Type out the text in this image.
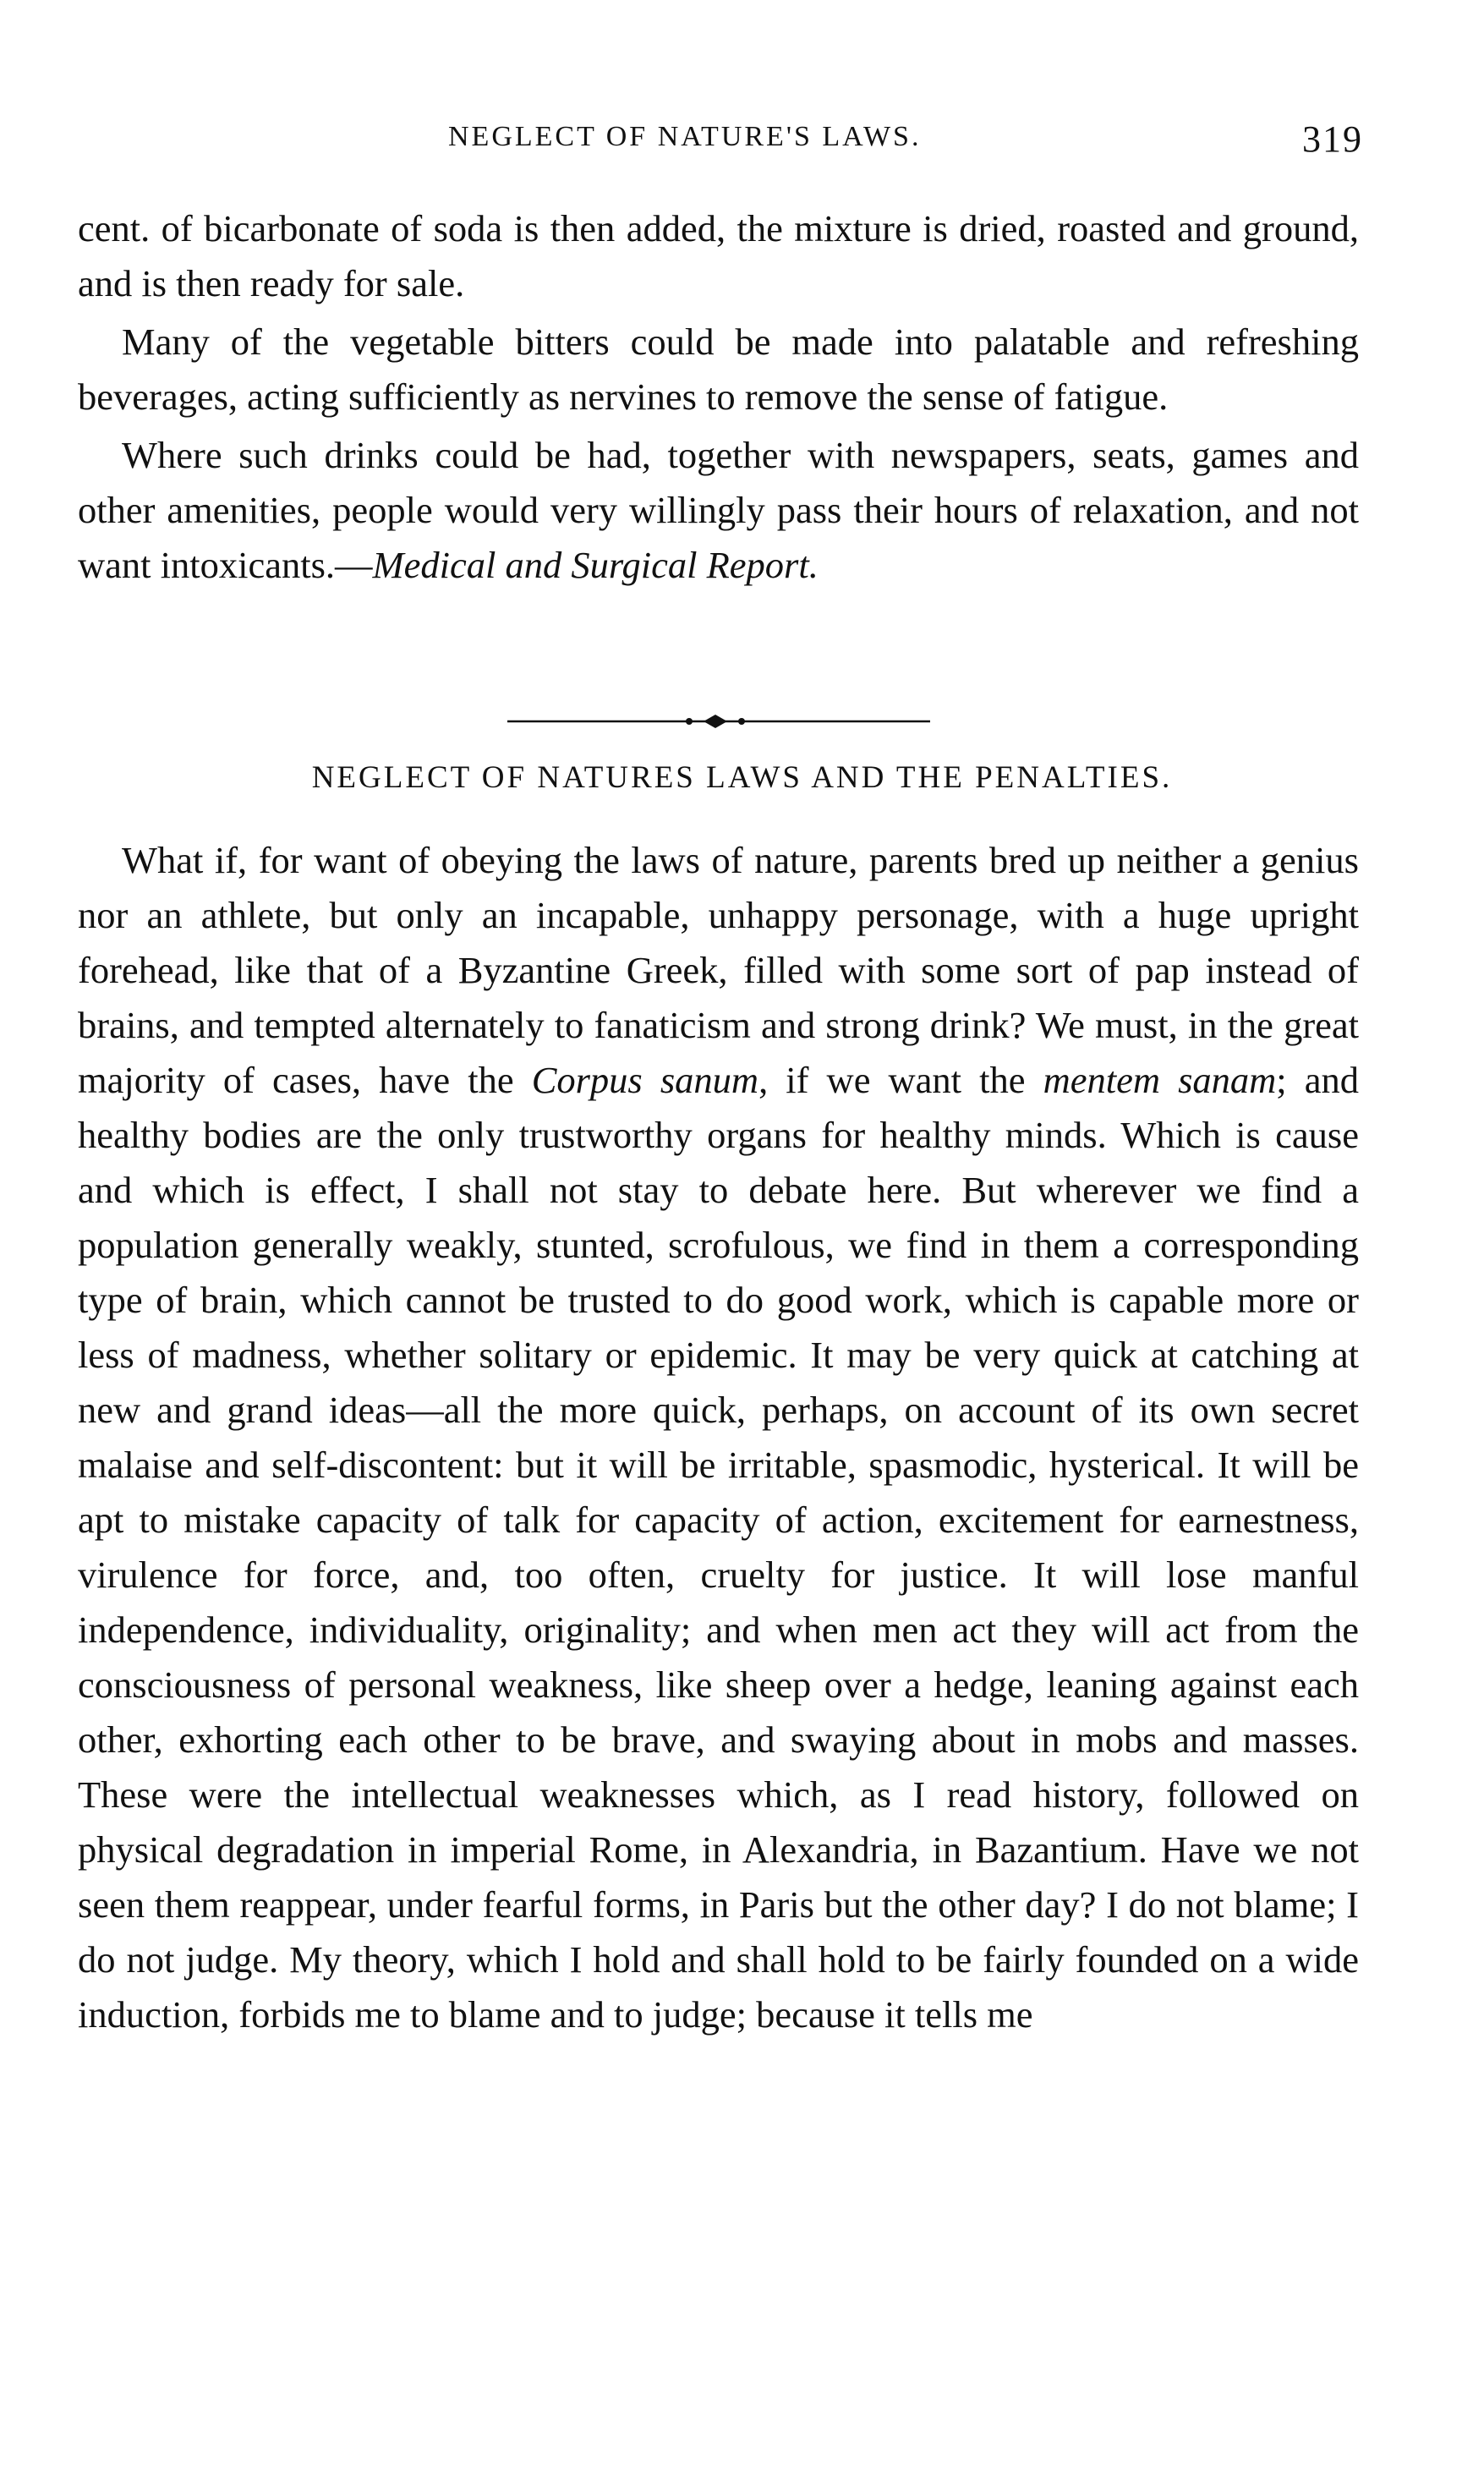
NEGLECT OF NATURE'S LAWS.	319

cent. of bicarbonate of soda is then added, the mixture is dried, roasted and ground, and is then ready for sale.

Many of the vegetable bitters could be made into palatable and refreshing beverages, acting sufficiently as nervines to remove the sense of fatigue.

Where such drinks could be had, together with newspapers, seats, games and other amenities, people would very willingly pass their hours of relaxation, and not want intoxicants.—Medical and Surgical Report.

NEGLECT OF NATURES LAWS AND THE PENALTIES.

What if, for want of obeying the laws of nature, parents bred up neither a genius nor an athlete, but only an incapable, unhappy personage, with a huge upright forehead, like that of a Byzantine Greek, filled with some sort of pap instead of brains, and tempted alternately to fanaticism and strong drink? We must, in the great majority of cases, have the Corpus sanum, if we want the mentem sanam; and healthy bodies are the only trustworthy organs for healthy minds. Which is cause and which is effect, I shall not stay to debate here. But wherever we find a population generally weakly, stunted, scrofulous, we find in them a corresponding type of brain, which cannot be trusted to do good work, which is capable more or less of madness, whether solitary or epidemic. It may be very quick at catching at new and grand ideas—all the more quick, perhaps, on account of its own secret malaise and self-discontent: but it will be irritable, spasmodic, hysterical. It will be apt to mistake capacity of talk for capacity of action, excitement for earnestness, virulence for force, and, too often, cruelty for justice. It will lose manful independence, individuality, originality; and when men act they will act from the consciousness of personal weakness, like sheep over a hedge, leaning against each other, exhorting each other to be brave, and swaying about in mobs and masses. These were the intellectual weaknesses which, as I read history, followed on physical degradation in imperial Rome, in Alexandria, in Bazantium. Have we not seen them reappear, under fearful forms, in Paris but the other day? I do not blame; I do not judge. My theory, which I hold and shall hold to be fairly founded on a wide induction, forbids me to blame and to judge; because it tells me
